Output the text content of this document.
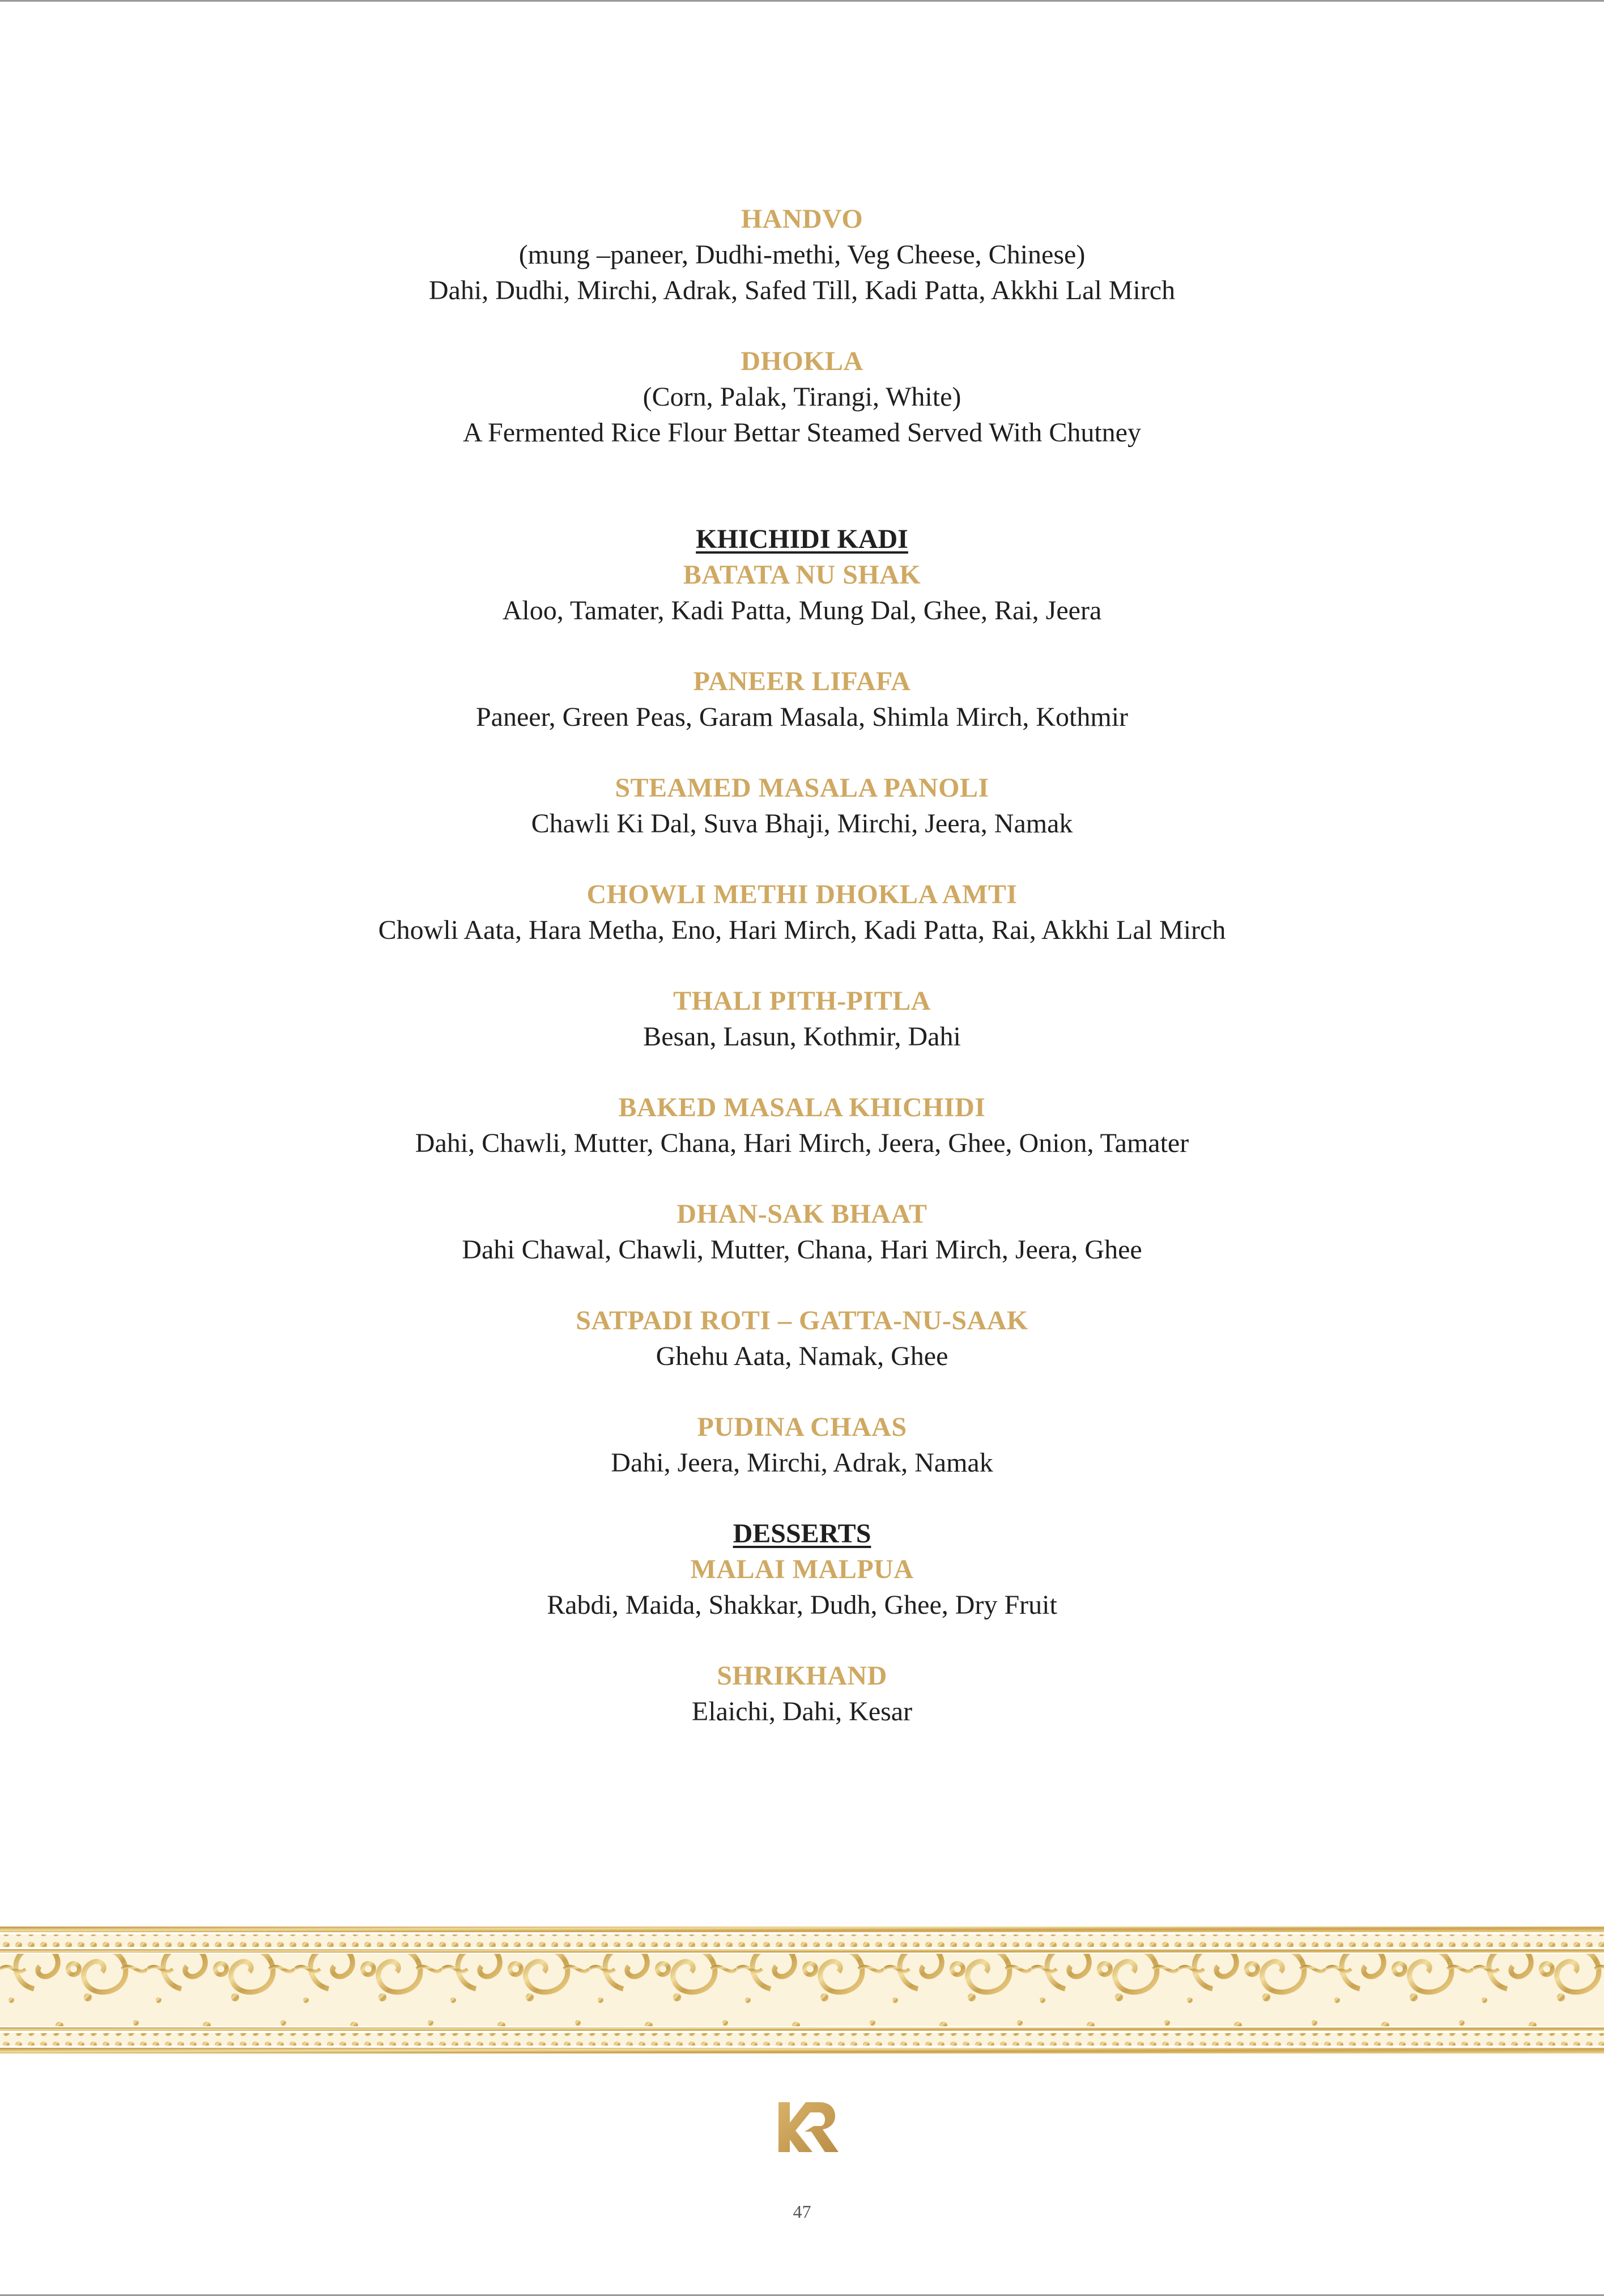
HANDVO
(mung –paneer, Dudhi-methi, Veg Cheese, Chinese)
Dahi, Dudhi, Mirchi, Adrak, Safed Till, Kadi Patta, Akkhi Lal Mirch
DHOKLA
(Corn, Palak, Tirangi, White)
A Fermented Rice Flour Bettar Steamed Served With Chutney
KHICHIDI KADI
BATATA NU SHAK
Aloo, Tamater, Kadi Patta, Mung Dal, Ghee, Rai, Jeera
PANEER LIFAFA
Paneer, Green Peas, Garam Masala, Shimla Mirch, Kothmir
STEAMED MASALA PANOLI
Chawli Ki Dal, Suva Bhaji, Mirchi, Jeera, Namak
CHOWLI METHI DHOKLA AMTI
Chowli Aata, Hara Metha, Eno, Hari Mirch, Kadi Patta, Rai, Akkhi Lal Mirch
THALI PITH-PITLA
Besan, Lasun, Kothmir, Dahi
BAKED MASALA KHICHIDI
Dahi, Chawli, Mutter, Chana, Hari Mirch, Jeera, Ghee, Onion, Tamater
DHAN-SAK BHAAT
Dahi Chawal, Chawli, Mutter, Chana, Hari Mirch, Jeera, Ghee
SATPADI ROTI – GATTA-NU-SAAK
Ghehu Aata, Namak, Ghee
PUDINA CHAAS
Dahi, Jeera, Mirchi, Adrak, Namak
DESSERTS
MALAI MALPUA
Rabdi, Maida, Shakkar, Dudh, Ghee, Dry Fruit
SHRIKHAND
Elaichi, Dahi, Kesar
47
